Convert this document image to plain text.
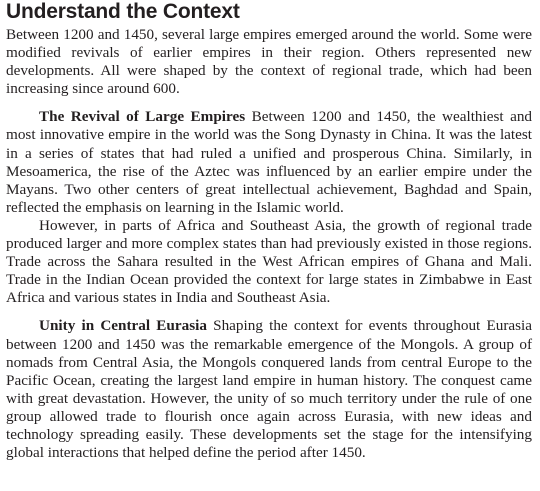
Understand the Context

Between 1200 and 1450, several large empires emerged around the world. Some were modified revivals of earlier empires in their region. Others represented new developments. All were shaped by the context of regional trade, which had been increasing since around 600.

The Revival of Large Empires Between 1200 and 1450, the wealthiest and most innovative empire in the world was the Song Dynasty in China. It was the latest in a series of states that had ruled a unified and prosperous China. Similarly, in Mesoamerica, the rise of the Aztec was influenced by an earlier empire under the Mayans. Two other centers of great intellectual achievement, Baghdad and Spain, reflected the emphasis on learning in the Islamic world.

However, in parts of Africa and Southeast Asia, the growth of regional trade produced larger and more complex states than had previously existed in those regions. Trade across the Sahara resulted in the West African empires of Ghana and Mali. Trade in the Indian Ocean provided the context for large states in Zimbabwe in East Africa and various states in India and Southeast Asia.

Unity in Central Eurasia Shaping the context for events throughout Eurasia between 1200 and 1450 was the remarkable emergence of the Mongols. A group of nomads from Central Asia, the Mongols conquered lands from central Europe to the Pacific Ocean, creating the largest land empire in human history. The conquest came with great devastation. However, the unity of so much territory under the rule of one group allowed trade to flourish once again across Eurasia, with new ideas and technology spreading easily. These developments set the stage for the intensifying global interactions that helped define the period after 1450.
